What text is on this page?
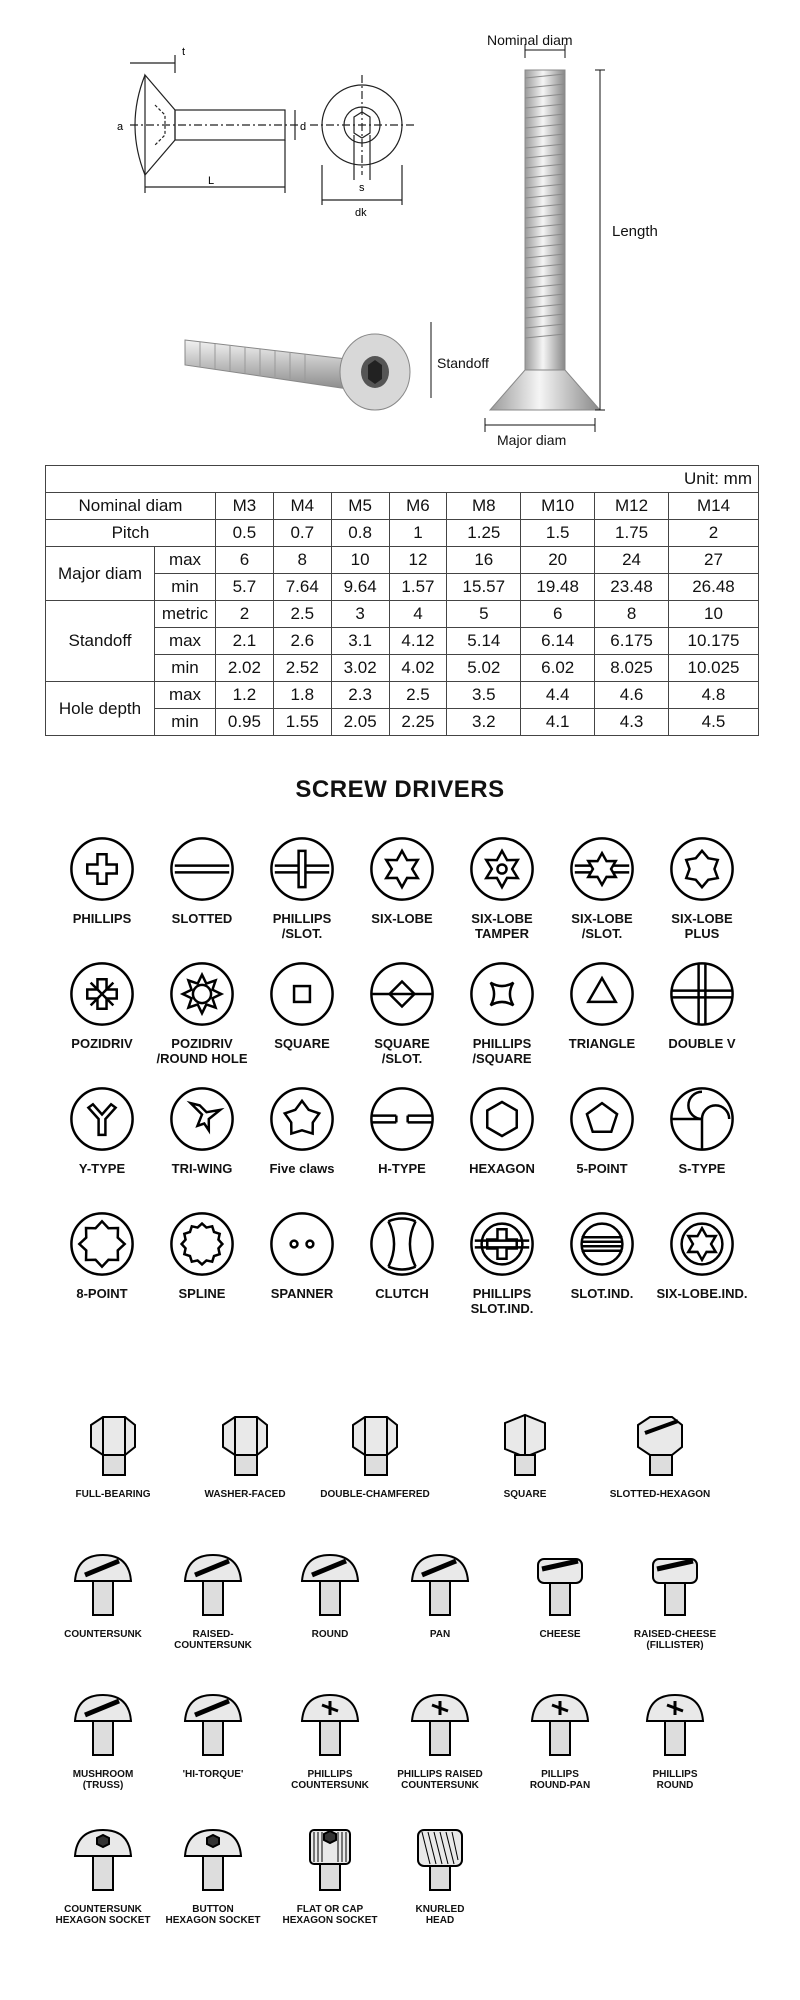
t
a	d
L
s
dk
Nominal diam
Length
Standoff
Major diam
Unit: mm									
Nominal diam		M3	M4	M5	M6	M8	M10	M12	M14
Pitch		0.5	0.7	0.8	1	1.25	1.5	1.75	2
Major diam	max	6	8	10	12	16	20	24	27
	min	5.7	7.64	9.64	1.57	15.57	19.48	23.48	26.48
Standoff	metric	2	2.5	3	4	5	6	8	10
	max	2.1	2.6	3.1	4.12	5.14	6.14	6.175	10.175
	min	2.02	2.52	3.02	4.02	5.02	6.02	8.025	10.025
Hole depth	max	1.2	1.8	2.3	2.5	3.5	4.4	4.6	4.8
	min	0.95	1.55	2.05	2.25	3.2	4.1	4.3	4.5
SCREW DRIVERS
PHILLIPS	SLOTTED	PHILLIPS
/SLOT.
SIX-LOBE	SIX-LOBE
TAMPER
SIX-LOBE
/SLOT.
SIX-LOBE
PLUS
POZIDRIV	POZIDRIV
/ROUND HOLE
SQUARE	SQUARE
/SLOT.
PHILLIPS
/SQUARE
TRIANGLE	DOUBLE V
Y-TYPE	TRI-WING	Five claws	H-TYPE	HEXAGON	5-POINT	S-TYPE
8-POINT	SPLINE	SPANNER	CLUTCH	PHILLIPS
SLOT.IND.
SLOT.IND.	SIX-LOBE.IND.
FULL-BEARING	WASHER-FACED	DOUBLE-CHAMFERED	SQUARE	SLOTTED-HEXAGON
COUNTERSUNK	RAISED-
COUNTERSUNK
ROUND	PAN	CHEESE	RAISED-CHEESE
(FILLISTER)
MUSHROOM
(TRUSS)
'HI-TORQUE'	PHILLIPS
COUNTERSUNK
PHILLIPS RAISED
COUNTERSUNK
PILLIPS
ROUND-PAN
PHILLIPS
ROUND
COUNTERSUNK
HEXAGON SOCKET
BUTTON
HEXAGON SOCKET
FLAT OR CAP
HEXAGON SOCKET
KNURLED
HEAD
